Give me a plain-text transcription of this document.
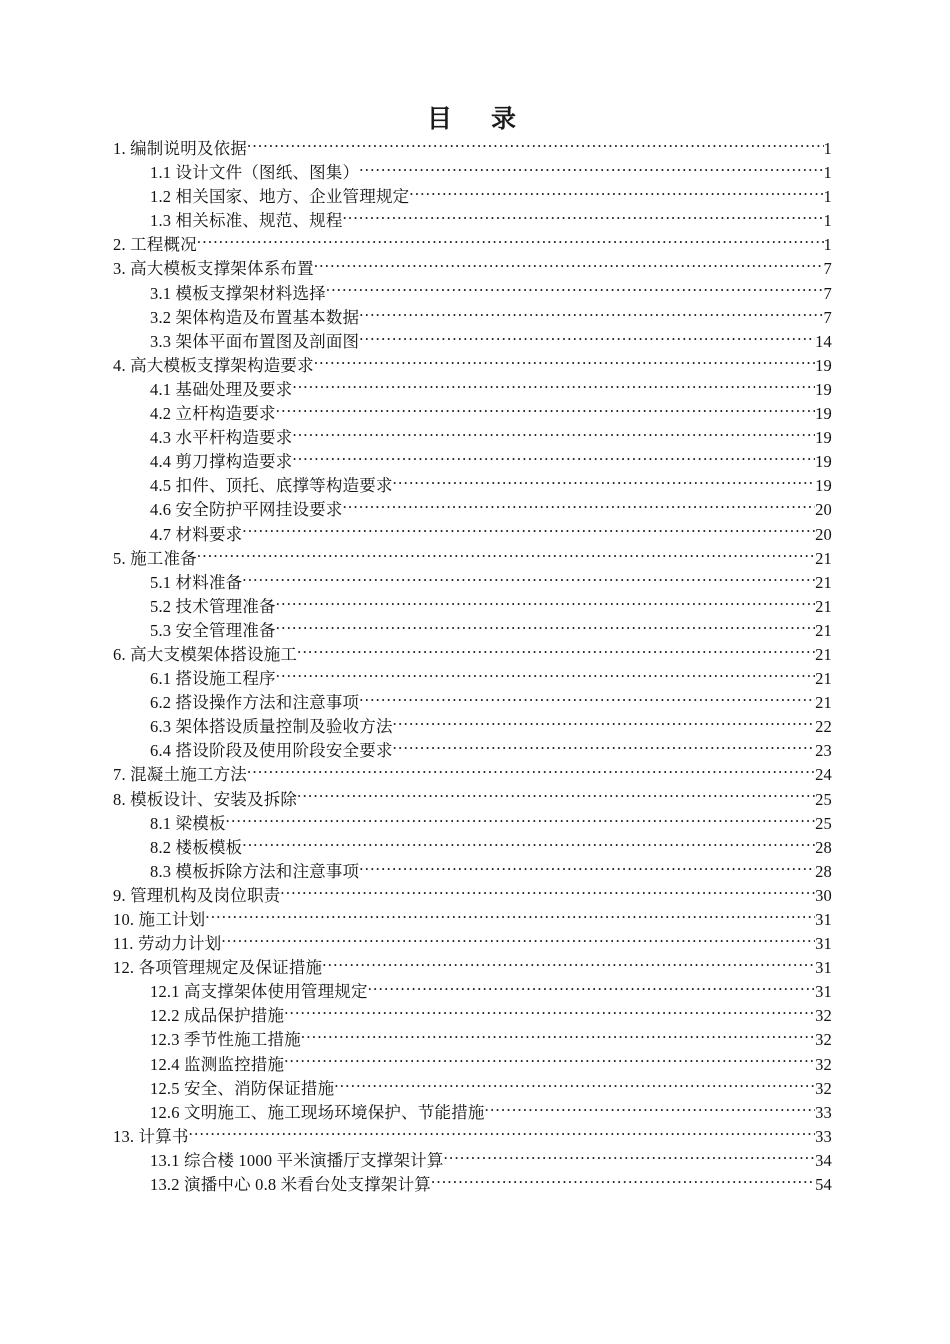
目　录
1. 编制说明及依据 .....	1
1.1 设计文件（图纸、图集） .....	1
1.2 相关国家、地方、企业管理规定 .....	1
1.3 相关标准、规范、规程 .....	1
2. 工程概况 .....	1
3. 高大模板支撑架体系布置 .....	7
3.1 模板支撑架材料选择 .....	7
3.2 架体构造及布置基本数据 .....	7
3.3 架体平面布置图及剖面图 .....	14
4. 高大模板支撑架构造要求 .....	19
4.1 基础处理及要求 .....	19
4.2 立杆构造要求 .....	19
4.3 水平杆构造要求 .....	19
4.4 剪刀撑构造要求 .....	19
4.5 扣件、顶托、底撑等构造要求 .....	19
4.6 安全防护平网挂设要求 .....	20
4.7 材料要求 .....	20
5. 施工准备 .....	21
5.1 材料准备 .....	21
5.2 技术管理准备 .....	21
5.3 安全管理准备 .....	21
6. 高大支模架体搭设施工 .....	21
6.1 搭设施工程序 .....	21
6.2 搭设操作方法和注意事项 .....	21
6.3 架体搭设质量控制及验收方法 .....	22
6.4 搭设阶段及使用阶段安全要求 .....	23
7. 混凝土施工方法 .....	24
8. 模板设计、安装及拆除 .....	25
8.1 梁模板 .....	25
8.2 楼板模板 .....	28
8.3 模板拆除方法和注意事项 .....	28
9. 管理机构及岗位职责 .....	30
10. 施工计划 .....	31
11. 劳动力计划 .....	31
12. 各项管理规定及保证措施 .....	31
12.1 高支撑架体使用管理规定 .....	31
12.2 成品保护措施 .....	32
12.3 季节性施工措施 .....	32
12.4 监测监控措施 .....	32
12.5 安全、消防保证措施 .....	32
12.6 文明施工、施工现场环境保护、节能措施 .....	33
13. 计算书 .....	33
13.1 综合楼 1000 平米演播厅支撑架计算 .....	34
13.2 演播中心 0.8 米看台处支撑架计算 .....	54
